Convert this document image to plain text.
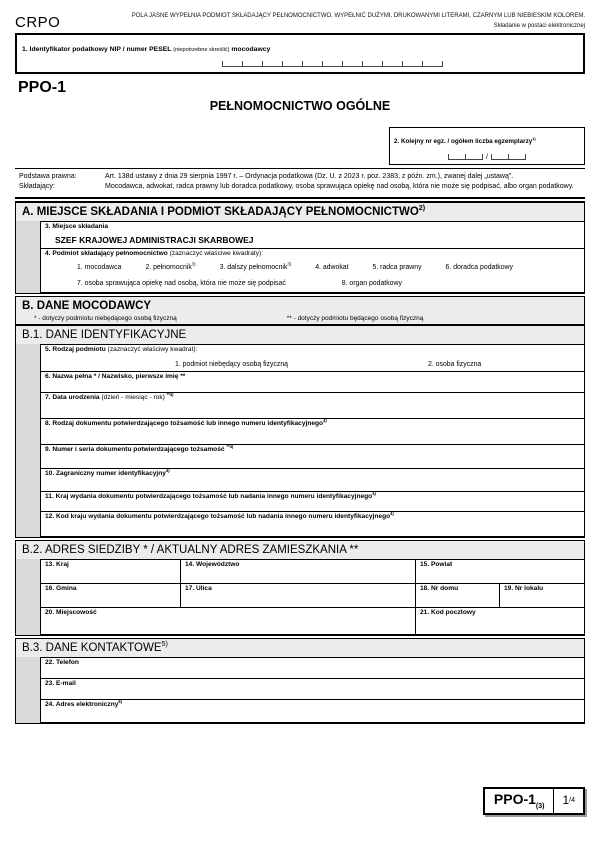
CRPO	POLA JASNE WYPEŁNIA PODMIOT SKŁADAJĄCY PEŁNOMOCNICTWO. WYPEŁNIĆ DUŻYMI, DRUKOWANYMI LITERAMI, CZARNYM LUB NIEBIESKIM KOLOREM.
Składanie w postaci elektronicznej
1. Identyfikator podatkowy NIP / numer PESEL (niepotrzebne skreślić) mocodawcy
PPO-1
PEŁNOMOCNICTWO OGÓLNE
2. Kolejny nr egz. / ogółem liczba egzemplarzy$^{1)}$
/
Podstawa prawna:	Art. 138d ustawy z dnia 29 sierpnia 1997 r. – Ordynacja podatkowa (Dz. U. z 2023 r. poz. 2383, z późn. zm.), zwanej dalej „ustawą”.
Składający:	Mocodawca, adwokat, radca prawny lub doradca podatkowy, osoba sprawująca opiekę nad osobą, która nie może się podpisać, albo organ podatkowy.
A. MIEJSCE SKŁADANIA I PODMIOT SKŁADAJĄCY PEŁNOMOCNICTWO$^{2)}$
3. Miejsce składania
SZEF KRAJOWEJ ADMINISTRACJI SKARBOWEJ
4. Podmiot składający pełnomocnictwo (zaznaczyć właściwe kwadraty):
1. mocodawca	2. pełnomocnik$^{3)}$	3. dalszy pełnomocnik$^{3)}$	4. adwokat	5. radca prawny	6. doradca podatkowy
7. osoba sprawująca opiekę nad osobą, która nie może się podpisać	8. organ podatkowy
B. DANE MOCODAWCY
* - dotyczy podmiotu niebędącego osobą fizyczną	** - dotyczy podmiotu będącego osobą fizyczną
B.1. DANE IDENTYFIKACYJNE
5. Rodzaj podmiotu (zaznaczyć właściwy kwadrat):
1. podmiot niebędący osobą fizyczną	2. osoba fizyczna
6. Nazwa pełna * / Nazwisko, pierwsze imię **
7. Data urodzenia (dzień - miesiąc - rok) $^{**4)}$
8. Rodzaj dokumentu potwierdzającego tożsamość lub innego numeru identyfikacyjnego$^{4)}$
9. Numer i seria dokumentu potwierdzającego tożsamość $^{**4)}$
10. Zagraniczny numer identyfikacyjny$^{4)}$
11. Kraj wydania dokumentu potwierdzającego tożsamość lub nadania innego numeru identyfikacyjnego$^{4)}$
12. Kod kraju wydania dokumentu potwierdzającego tożsamość lub nadania innego numeru identyfikacyjnego$^{4)}$
B.2. ADRES SIEDZIBY * / AKTUALNY ADRES ZAMIESZKANIA **
13. Kraj	14. Województwo	15. Powiat
16. Gmina	17. Ulica	18. Nr domu	19. Nr lokalu
20. Miejscowość	21. Kod pocztowy
B.3. DANE KONTAKTOWE$^{5)}$
22. Telefon
23. E-mail
24. Adres elektroniczny$^{6)}$
PPO-$1_{(3)}$	1 /4
